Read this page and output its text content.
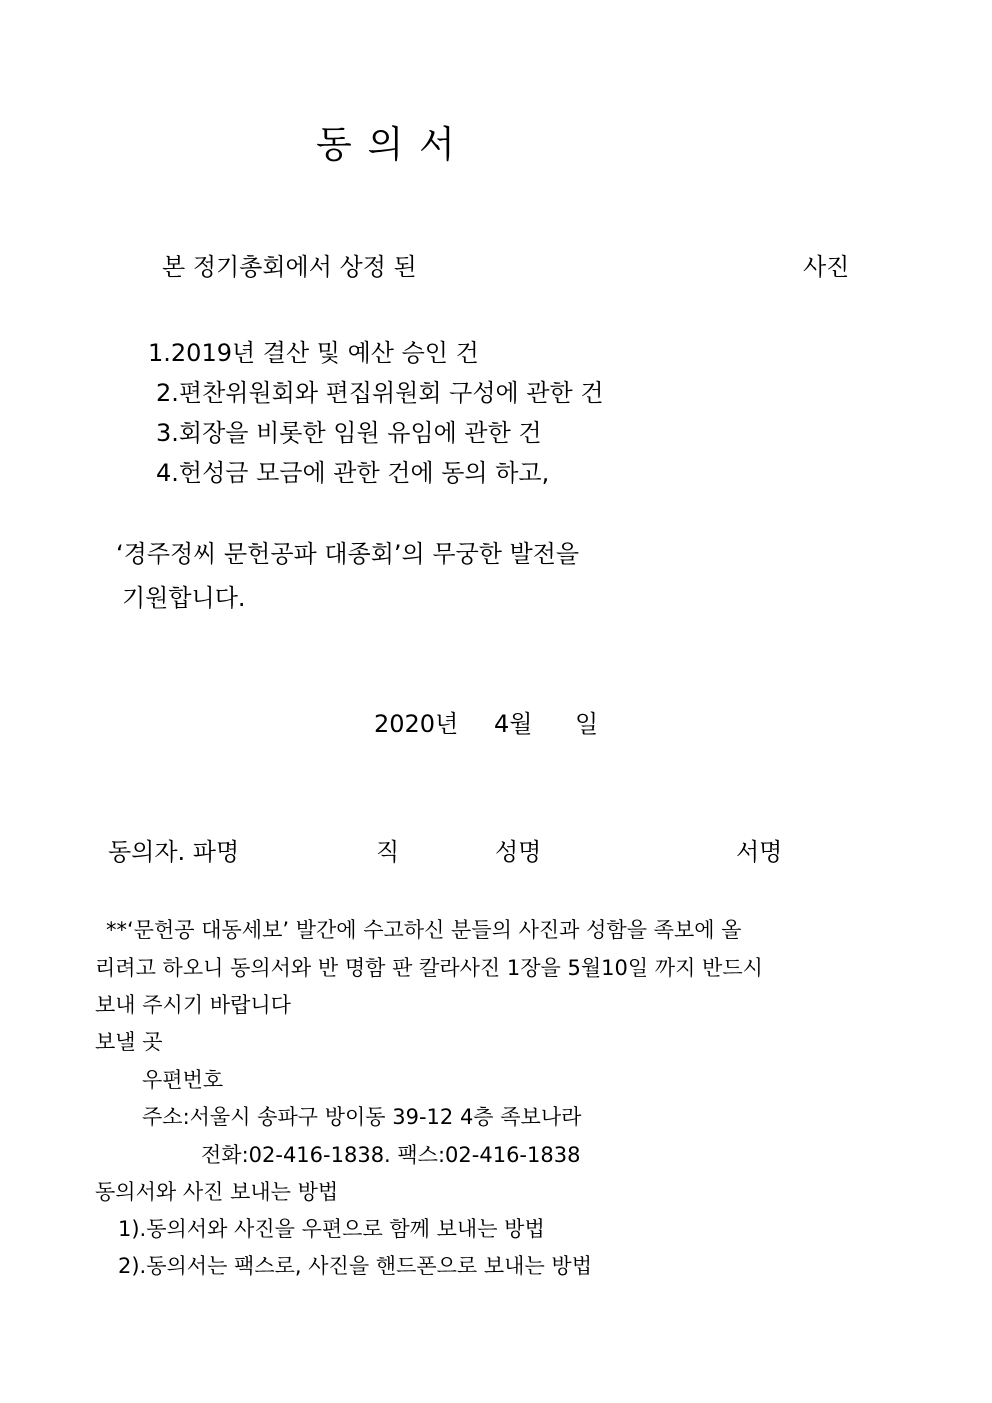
동 의 서
본 정기총회에서 상정 된	사진
1.2019년 결산 및 예산 승인 건
2.편찬위원회와 편집위원회 구성에 관한 건
3.회장을 비롯한 임원 유임에 관한 건
4.헌성금 모금에 관한 건에 동의 하고,
‘경주정씨 문헌공파 대종회’의 무궁한 발전을
기원합니다.
2020년 4월 일
동의자. 파명	직	성명	서명
**‘문헌공 대동세보’ 발간에 수고하신 분들의 사진과 성함을 족보에 올
리려고 하오니 동의서와 반 명함 판 칼라사진 1장을 5월10일 까지 반드시
보내 주시기 바랍니다
보낼 곳
우편번호
주소:서울시 송파구 방이동 39-12 4층 족보나라
전화:02-416-1838. 팩스:02-416-1838
동의서와 사진 보내는 방법
1).동의서와 사진을 우편으로 함께 보내는 방법
2).동의서는 팩스로, 사진을 핸드폰으로 보내는 방법
